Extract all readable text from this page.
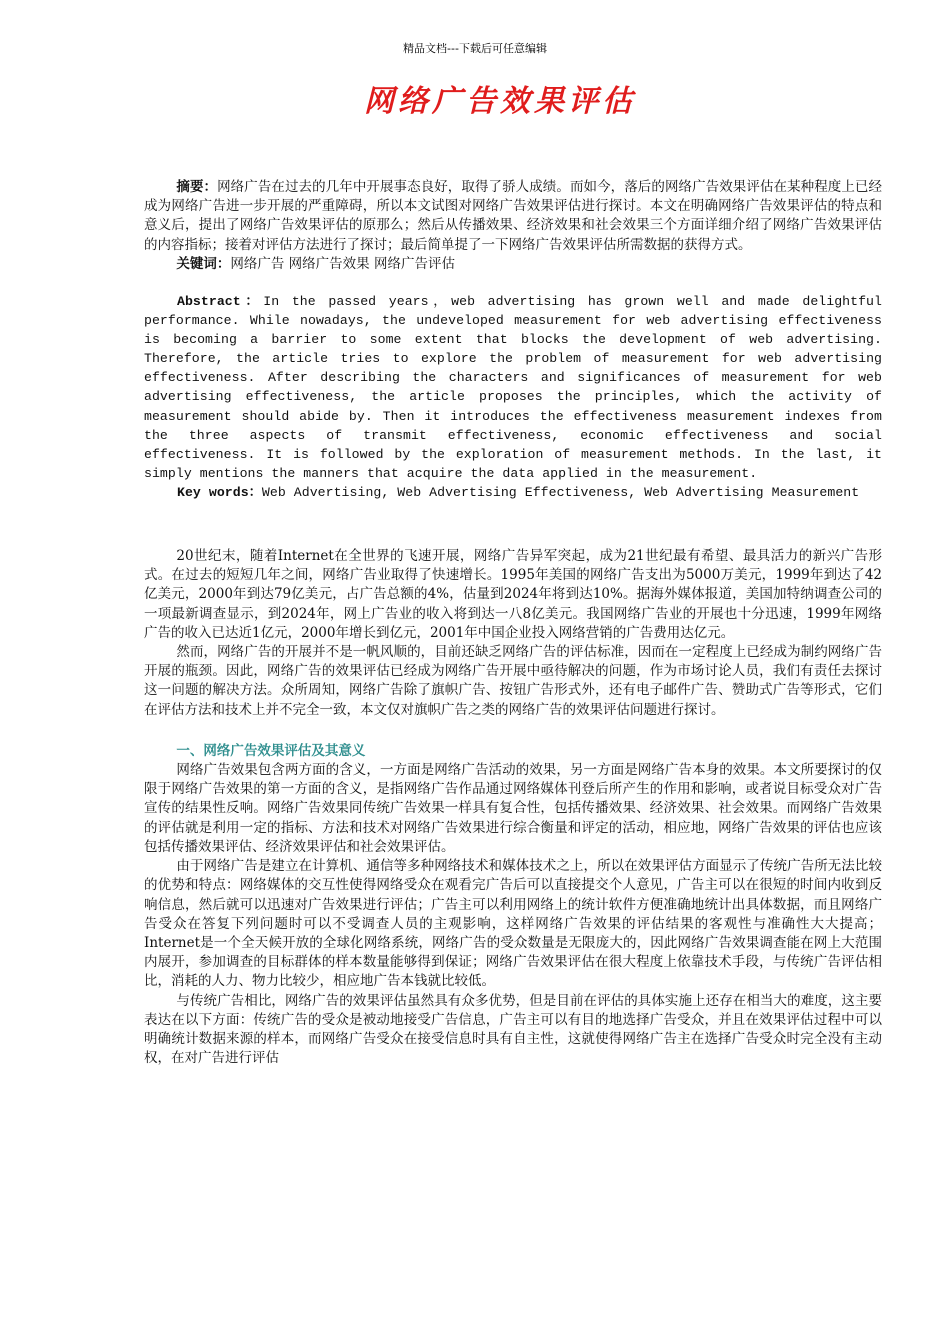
精品文档---下载后可任意编辑
网络广告效果评估

摘要：网络广告在过去的几年中开展事态良好，取得了骄人成绩。而如今，落后的网络广告效果评估在某种程度上已经成为网络广告进一步开展的严重障碍，所以本文试图对网络广告效果评估进行探讨。本文在明确网络广告效果评估的特点和意义后，提出了网络广告效果评估的原那么；然后从传播效果、经济效果和社会效果三个方面详细介绍了网络广告效果评估的内容指标；接着对评估方法进行了探讨；最后简单提了一下网络广告效果评估所需数据的获得方式。

关键词：网络广告 网络广告效果 网络广告评估

Abstract：In the passed years，web advertising has grown well and made delightful performance. While nowadays, the undeveloped measurement for web advertising effectiveness is becoming a barrier to some extent that blocks the development of web advertising. Therefore, the article tries to explore the problem of measurement for web advertising effectiveness. After describing the characters and significances of measurement for web advertising effectiveness, the article proposes the principles, which the activity of measurement should abide by. Then it introduces the effectiveness measurement indexes from the three aspects of transmit effectiveness, economic effectiveness and social effectiveness. It is followed by the exploration of measurement methods. In the last, it simply mentions the manners that acquire the data applied in the measurement.

Key words：Web Advertising, Web Advertising Effectiveness, Web Advertising Measurement

20世纪末，随着Internet在全世界的飞速开展，网络广告异军突起，成为21世纪最有希望、最具活力的新兴广告形式。在过去的短短几年之间，网络广告业取得了快速增长。1995年美国的网络广告支出为5000万美元，1999年到达了42亿美元，2000年到达79亿美元，占广告总额的4%，估量到2024年将到达10%。据海外媒体报道，美国加特纳调查公司的一项最新调查显示，到2024年，网上广告业的收入将到达一八8亿美元。我国网络广告业的开展也十分迅速，1999年网络广告的收入已达近1亿元，2000年增长到亿元，2001年中国企业投入网络营销的广告费用达亿元。

然而，网络广告的开展并不是一帆风顺的，目前还缺乏网络广告的评估标准，因而在一定程度上已经成为制约网络广告开展的瓶颈。因此，网络广告的效果评估已经成为网络广告开展中亟待解决的问题，作为市场讨论人员，我们有责任去探讨这一问题的解决方法。众所周知，网络广告除了旗帜广告、按钮广告形式外，还有电子邮件广告、赞助式广告等形式，它们在评估方法和技术上并不完全一致，本文仅对旗帜广告之类的网络广告的效果评估问题进行探讨。

一、网络广告效果评估及其意义

网络广告效果包含两方面的含义，一方面是网络广告活动的效果，另一方面是网络广告本身的效果。本文所要探讨的仅限于网络广告效果的第一方面的含义，是指网络广告作品通过网络媒体刊登后所产生的作用和影响，或者说目标受众对广告宣传的结果性反响。网络广告效果同传统广告效果一样具有复合性，包括传播效果、经济效果、社会效果。而网络广告效果的评估就是利用一定的指标、方法和技术对网络广告效果进行综合衡量和评定的活动，相应地，网络广告效果的评估也应该包括传播效果评估、经济效果评估和社会效果评估。

由于网络广告是建立在计算机、通信等多种网络技术和媒体技术之上，所以在效果评估方面显示了传统广告所无法比较的优势和特点：网络媒体的交互性使得网络受众在观看完广告后可以直接提交个人意见，广告主可以在很短的时间内收到反响信息，然后就可以迅速对广告效果进行评估；广告主可以利用网络上的统计软件方便准确地统计出具体数据，而且网络广告受众在答复下列问题时可以不受调查人员的主观影响，这样网络广告效果的评估结果的客观性与准确性大大提高；Internet是一个全天候开放的全球化网络系统，网络广告的受众数量是无限庞大的，因此网络广告效果调查能在网上大范围内展开，参加调查的目标群体的样本数量能够得到保证；网络广告效果评估在很大程度上依靠技术手段，与传统广告评估相比，消耗的人力、物力比较少，相应地广告本钱就比较低。

与传统广告相比，网络广告的效果评估虽然具有众多优势，但是目前在评估的具体实施上还存在相当大的难度，这主要表达在以下方面：传统广告的受众是被动地接受广告信息，广告主可以有目的地选择广告受众，并且在效果评估过程中可以明确统计数据来源的样本，而网络广告受众在接受信息时具有自主性，这就使得网络广告主在选择广告受众时完全没有主动权，在对广告进行评估
